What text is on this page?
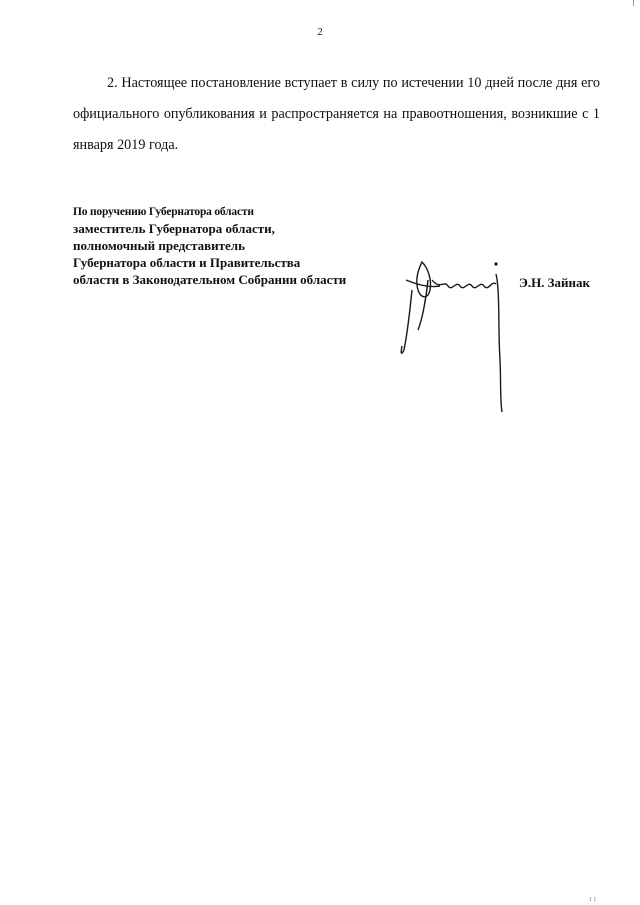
2

2. Настоящее постановление вступает в силу по истечении 10 дней после дня его официального опубликования и распространяется на правоотношения, возникшие с 1 января 2019 года.

По поручению Губернатора области
заместитель Губернатора области,
полномочный представитель
Губернатора области и Правительства
области в Законодательном Собрании области	Э.Н. Зайнак
ı ı
